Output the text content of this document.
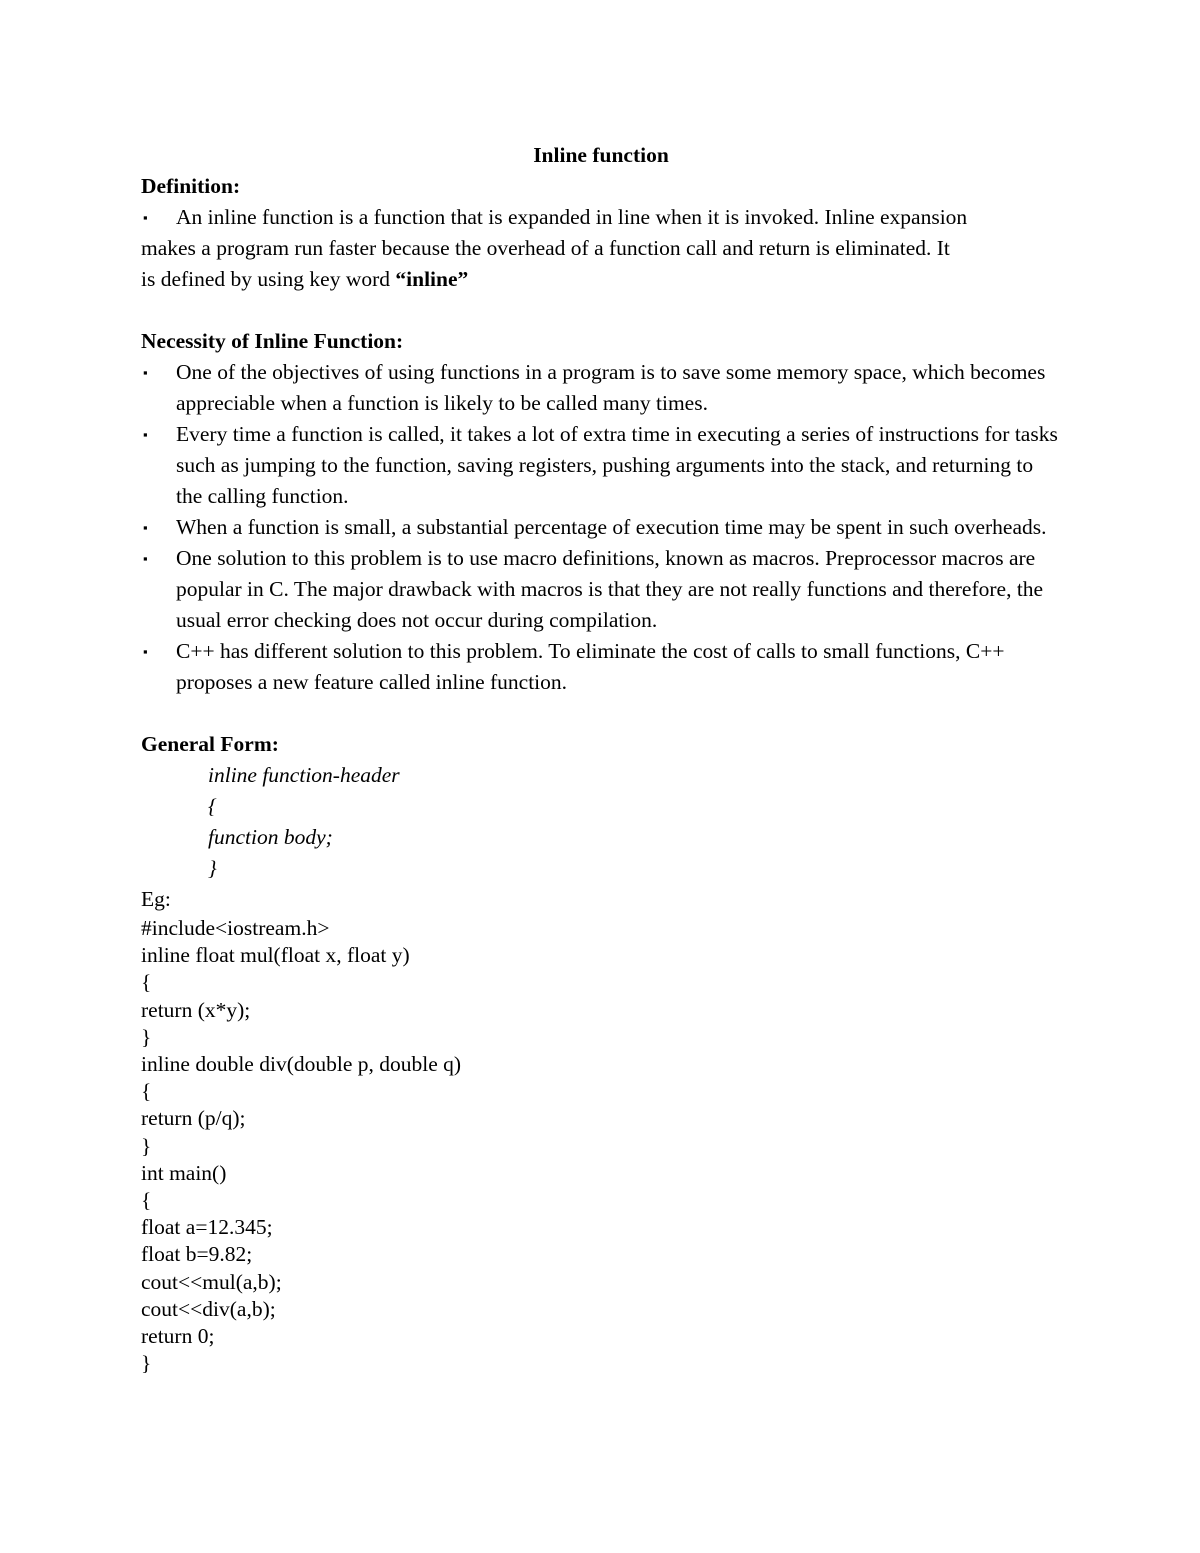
Inline function

Definition:

▪ An inline function is a function that is expanded in line when it is invoked. Inline expansion

makes a program run faster because the overhead of a function call and return is eliminated. It

is defined by using key word “inline”

Necessity of Inline Function:

▪ One of the objectives of using functions in a program is to save some memory space, which becomes appreciable when a function is likely to be called many times.
▪ Every time a function is called, it takes a lot of extra time in executing a series of instructions for tasks such as jumping to the function, saving registers, pushing arguments into the stack, and returning to the calling function.
▪ When a function is small, a substantial percentage of execution time may be spent in such overheads.
▪ One solution to this problem is to use macro definitions, known as macros. Preprocessor macros are popular in C. The major drawback with macros is that they are not really functions and therefore, the usual error checking does not occur during compilation.
▪ C++ has different solution to this problem. To eliminate the cost of calls to small functions, C++ proposes a new feature called inline function.

General Form:

inline function-header

{

function body;

}

Eg:

#include<iostream.h>

inline float mul(float x, float y)

{

return (x*y);

}

inline double div(double p, double q)

{

return (p/q);

}

int main()

{

float a=12.345;

float b=9.82;

cout<<mul(a,b);

cout<<div(a,b);

return 0;

}
